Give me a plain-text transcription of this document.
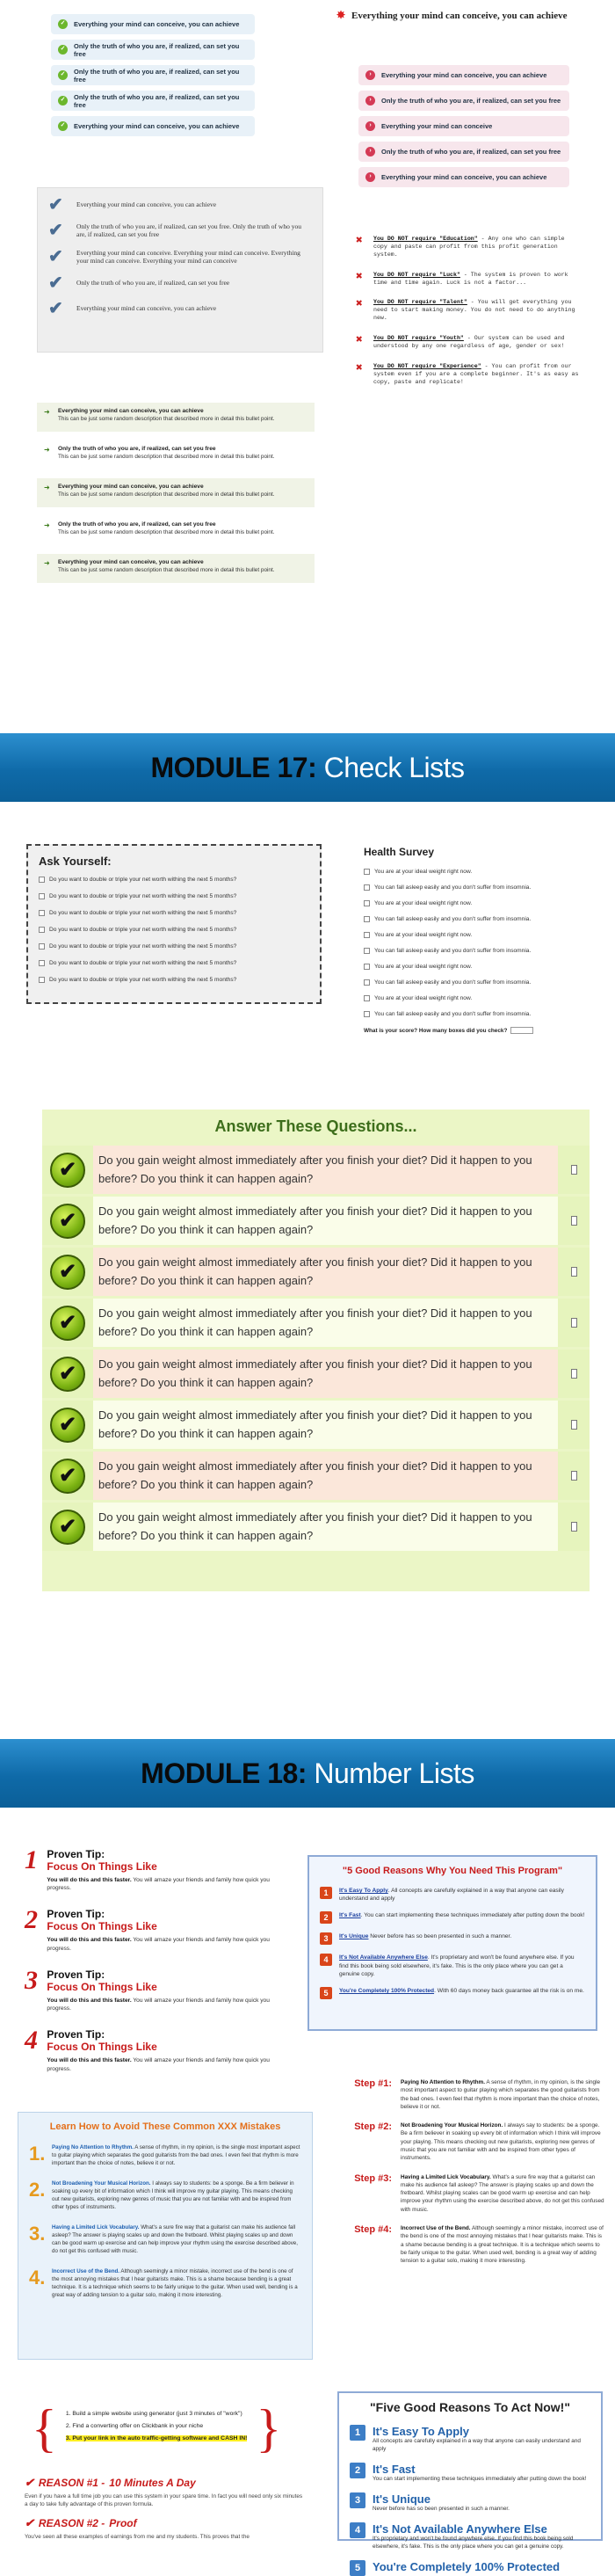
✓	Everything your mind can conceive, you can achieve
✓	Only the truth of who you are, if realized, can set you free
✓	Only the truth of who you are, if realized, can set you free
✓	Only the truth of who you are, if realized, can set you free
✓	Everything your mind can conceive, you can achieve
✸ Everything your mind can conceive, you can achieve
›	Everything your mind can conceive, you can achieve
›	Only the truth of who you are, if realized, can set you free
›	Everything your mind can conceive
›	Only the truth of who you are, if realized, can set you free
›	Everything your mind can conceive, you can achieve
✔	Everything your mind can conceive, you can achieve
✔	Only the truth of who you are, if realized, can set you free. Only the truth of who you are, if realized, can set you free
✔	Everything your mind can conceive. Everything your mind can conceive. Everything your mind can conceive. Everything your mind can conceive
✔	Only the truth of who you are, if realized, can set you free
✔	Everything your mind can conceive, you can achieve
✖	You DO NOT require "Education" - Any one who can simple copy and paste can profit from this profit generation system.
✖	You DO NOT require "Luck" - The system is proven to work time and time again. Luck is not a factor...
✖	You DO NOT require "Talent" - You will get everything you need to start making money. You do not need to do anything new.
✖	You DO NOT require "Youth" - Our system can be used and understood by any one regardless of age, gender or sex!
✖	You DO NOT require "Experience" - You can profit from our system even if you are a complete beginner. It's as easy as copy, paste and replicate!
➜	Everything your mind can conceive, you can achieve
This can be just some random description that described more in detail this bullet point.
➜	Only the truth of who you are, if realized, can set you free
This can be just some random description that described more in detail this bullet point.
➜	Everything your mind can conceive, you can achieve
This can be just some random description that described more in detail this bullet point.
➜	Only the truth of who you are, if realized, can set you free
This can be just some random description that described more in detail this bullet point.
➜	Everything your mind can conceive, you can achieve
This can be just some random description that described more in detail this bullet point.
MODULE 17: Check Lists
Ask Yourself:
Do you want to double or triple your net worth withing the next 5 months?
Do you want to double or triple your net worth withing the next 5 months?
Do you want to double or triple your net worth withing the next 5 months?
Do you want to double or triple your net worth withing the next 5 months?
Do you want to double or triple your net worth withing the next 5 months?
Do you want to double or triple your net worth withing the next 5 months?
Do you want to double or triple your net worth withing the next 5 months?
Health Survey
You are at your ideal weight right now.
You can fall asleep easily and you don't suffer from insomnia.
You are at your ideal weight right now.
You can fall asleep easily and you don't suffer from insomnia.
You are at your ideal weight right now.
You can fall asleep easily and you don't suffer from insomnia.
You are at your ideal weight right now.
You can fall asleep easily and you don't suffer from insomnia.
You are at your ideal weight right now.
You can fall asleep easily and you don't suffer from insomnia.
What is your score? How many boxes did you check?
Answer These Questions...
✔	Do you gain weight almost immediately after you finish your diet? Did it happen to you before? Do you think it can happen again?
✔	Do you gain weight almost immediately after you finish your diet? Did it happen to you before? Do you think it can happen again?
✔	Do you gain weight almost immediately after you finish your diet? Did it happen to you before? Do you think it can happen again?
✔	Do you gain weight almost immediately after you finish your diet? Did it happen to you before? Do you think it can happen again?
✔	Do you gain weight almost immediately after you finish your diet? Did it happen to you before? Do you think it can happen again?
✔	Do you gain weight almost immediately after you finish your diet? Did it happen to you before? Do you think it can happen again?
✔	Do you gain weight almost immediately after you finish your diet? Did it happen to you before? Do you think it can happen again?
✔	Do you gain weight almost immediately after you finish your diet? Did it happen to you before? Do you think it can happen again?
MODULE 18: Number Lists
1 Proven Tip:
Focus On Things Like
You will do this and this faster. You will amaze your friends and family how quick you progress.
2 Proven Tip:
Focus On Things Like
You will do this and this faster. You will amaze your friends and family how quick you progress.
3 Proven Tip:
Focus On Things Like
You will do this and this faster. You will amaze your friends and family how quick you progress.
4 Proven Tip:
Focus On Things Like
You will do this and this faster. You will amaze your friends and family how quick you progress.
"5 Good Reasons Why You Need This Program"
1	It's Easy To Apply. All concepts are carefully explained in a way that anyone can easily understand and apply
2	It's Fast. You can start implementing these techniques immediately after putting down the book!
3	It's Unique Never before has so been presented in such a manner.
4	It's Not Available Anywhere Else. It's proprietary and won't be found anywhere else. If you find this book being sold elsewhere, it's fake. This is the only place where you can get a genuine copy.
5	You're Completely 100% Protected. With 60 days money back guarantee all the risk is on me.
Step #1: Paying No Attention to Rhythm. A sense of rhythm, in my opinion, is the single most important aspect to guitar playing which separates the good guitarists from the bad ones. I even feel that rhythm is more important than the choice of notes, believe it or not.
Step #2: Not Broadening Your Musical Horizon. I always say to students: be a sponge. Be a firm believer in soaking up every bit of information which I think will improve your playing. This means checking out new guitarists, exploring new genres of music that you are not familiar with and be inspired from other types of instruments.
Step #3: Having a Limited Lick Vocabulary. What's a sure fire way that a guitarist can make his audience fall asleep? The answer is playing scales up and down the fretboard. Whilst playing scales can be good warm up exercise and can help improve your rhythm using the exercise described above, do not get this confused with music.
Step #4: Incorrect Use of the Bend. Although seemingly a minor mistake, incorrect use of the bend is one of the most annoying mistakes that I hear guitarists make. This is a shame because bending is a great technique. It is a technique which seems to be fairly unique to the guitar. When used well, bending is a great way of adding tension to a guitar solo, making it more interesting.
Learn How to Avoid These Common XXX Mistakes
1. Paying No Attention to Rhythm. A sense of rhythm, in my opinion, is the single most important aspect to guitar playing which separates the good guitarists from the bad ones. I even feel that rhythm is more important than the choice of notes, believe it or not.
2. Not Broadening Your Musical Horizon. I always say to students: be a sponge. Be a firm believer in soaking up every bit of information which I think will improve my guitar playing. This means checking out new guitarists, exploring new genres of music that you are not familiar with and be inspired from other types of instruments.
3. Having a Limited Lick Vocabulary. What's a sure fire way that a guitarist can make his audience fall asleep? The answer is playing scales up and down the fretboard. Whilst playing scales up and down can be good warm up exercise and can help improve your rhythm using the exercise described above, do not get this confused with music.
4. Incorrect Use of the Bend. Although seemingly a minor mistake, incorrect use of the bend is one of the most annoying mistakes that I hear guitarists make. This is a shame because bending is a great technique. It is a technique which seems to be fairly unique to the guitar. When used well, bending is a great way of adding tension to a guitar solo, making it more interesting.
{ 1. Build a simple website using generator (just 3 minutes of "work")
2. Find a converting offer on Clickbank in your niche
3. Put your link in the auto traffic-getting software and CASH IN! }
✔ REASON #1 - 10 Minutes A Day
Even if you have a full time job you can use this system in your spare time. In fact you will need only six minutes a day to take fully advantage of this proven formula.
✔ REASON #2 - Proof
You've seen all these examples of earnings from me and my students. This proves that the
"Five Good Reasons To Act Now!"
1	It's Easy To Apply
All concepts are carefully explained in a way that anyone can easily understand and apply
2	It's Fast
You can start implementing these techniques immediately after putting down the book!
3	It's Unique
Never before has so been presented in such a manner.
4	It's Not Available Anywhere Else
It's proprietary and won't be found anywhere else. If you find this book being sold elsewhere, it's fake. This is the only place where you can get a genuine copy.
5	You're Completely 100% Protected
